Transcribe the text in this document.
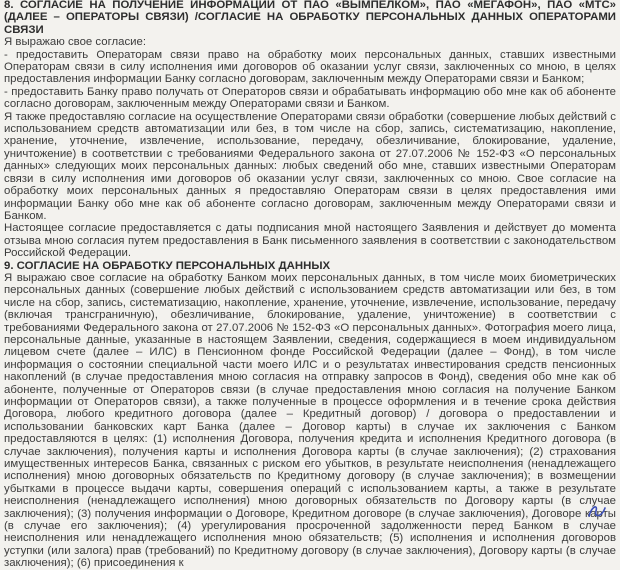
8. СОГЛАСИЕ НА ПОЛУЧЕНИЕ ИНФОРМАЦИИ ОТ ПАО «ВЫМПЕЛКОМ», ПАО «МЕГАФОН», ПАО «МТС» (ДАЛЕЕ – ОПЕРАТОРЫ СВЯЗИ) /СОГЛАСИЕ НА ОБРАБОТКУ ПЕРСОНАЛЬНЫХ ДАННЫХ ОПЕРАТОРАМИ СВЯЗИ

Я выражаю свое согласие:

- предоставить Операторам связи право на обработку моих персональных данных, ставших известными Операторам связи в силу исполнения ими договоров об оказании услуг связи, заключенных со мною, в целях предоставления информации Банку согласно договорам, заключенным между Операторами связи и Банком;

- предоставить Банку право получать от Операторов связи и обрабатывать информацию обо мне как об абоненте согласно договорам, заключенным между Операторами связи и Банком.

Я также предоставляю согласие на осуществление Операторами связи обработки (совершение любых действий с использованием средств автоматизации или без, в том числе на сбор, запись, систематизацию, накопление, хранение, уточнение, извлечение, использование, передачу, обезличивание, блокирование, удаление, уничтожение) в соответствии с требованиями Федерального закона от 27.07.2006 № 152-ФЗ «О персональных данных» следующих моих персональных данных: любых сведений обо мне, ставших известными Операторам связи в силу исполнения ими договоров об оказании услуг связи, заключенных со мною. Свое согласие на обработку моих персональных данных я предоставляю Операторам связи в целях предоставления ими информации Банку обо мне как об абоненте согласно договорам, заключенным между Операторами связи и Банком.

Настоящее согласие предоставляется с даты подписания мной настоящего Заявления и действует до момента отзыва мною согласия путем предоставления в Банк письменного заявления в соответствии с законодательством Российской Федерации.

9. СОГЛАСИЕ НА ОБРАБОТКУ ПЕРСОНАЛЬНЫХ ДАННЫХ

Я выражаю свое согласие на обработку Банком моих персональных данных, в том числе моих биометрических персональных данных (совершение любых действий с использованием средств автоматизации или без, в том числе на сбор, запись, систематизацию, накопление, хранение, уточнение, извлечение, использование, передачу (включая трансграничную), обезличивание, блокирование, удаление, уничтожение) в соответствии с требованиями Федерального закона от 27.07.2006 № 152-ФЗ «О персональных данных». Фотография моего лица, персональные данные, указанные в настоящем Заявлении, сведения, содержащиеся в моем индивидуальном лицевом счете (далее – ИЛС) в Пенсионном фонде Российской Федерации (далее – Фонд), в том числе информация о состоянии специальной части моего ИЛС и о результатах инвестирования средств пенсионных накоплений (в случае предоставления мною согласия на отправку запросов в Фонд), сведения обо мне как об абоненте, полученные от Операторов связи (в случае предоставления мною согласия на получение Банком информации от Операторов связи), а также полученные в процессе оформления и в течение срока действия Договора, любого кредитного договора (далее – Кредитный договор) / договора о предоставлении и использовании банковских карт Банка (далее – Договор карты) в случае их заключения с Банком предоставляются в целях: (1) исполнения Договора, получения кредита и исполнения Кредитного договора (в случае заключения), получения карты и исполнения Договора карты (в случае заключения); (2) страхования имущественных интересов Банка, связанных с риском его убытков, в результате неисполнения (ненадлежащего исполнения) мною договорных обязательств по Кредитному договору (в случае заключения); в возмещении убытками в процессе выдачи карты, совершения операций с использованием карты, а также в результате неисполнения (ненадлежащего исполнения) мною договорных обязательств по Договору карты (в случае заключения); (3) получения информации о Договоре, Кредитном договоре (в случае заключения), Договоре карты (в случае его заключения); (4) урегулирования просроченной задолженности перед Банком в случае неисполнения или ненадлежащего исполнения мною обязательств; (5) исполнения и исполнения договоров уступки (или залога) прав (требований) по Кредитному договору (в случае заключения), Договору карты (в случае заключения); (6) присоединения к
